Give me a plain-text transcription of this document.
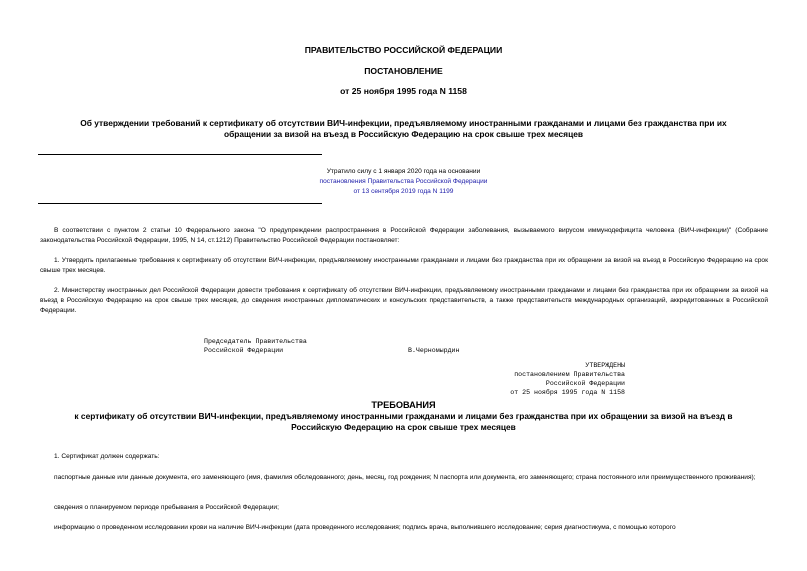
ПРАВИТЕЛЬСТВО РОССИЙСКОЙ ФЕДЕРАЦИИ
ПОСТАНОВЛЕНИЕ
от 25 ноября 1995 года N 1158
Об утверждении требований к сертификату об отсутствии ВИЧ-инфекции, предъявляемому иностранными гражданами и лицами без гражданства при их
обращении за визой на въезд в Российскую Федерацию на срок свыше трех месяцев
Утратило силу с 1 января 2020 года на основании
постановления Правительства Российской Федерации
от 13 сентября 2019 года N 1199
В соответствии с пунктом 2 статьи 10 Федерального закона "О предупреждении распространения в Российской Федерации заболевания, вызываемого вирусом иммунодефицита человека (ВИЧ-инфекции)" (Собрание законодательства Российской Федерации, 1995, N 14, ст.1212) Правительство Российской Федерации постановляет:
1. Утвердить прилагаемые требования к сертификату об отсутствии ВИЧ-инфекции, предъявляемому иностранными гражданами и лицами без гражданства при их обращении за визой на въезд в Российскую Федерацию на срок свыше трех месяцев.
2. Министерству иностранных дел Российской Федерации довести требования к сертификату об отсутствии ВИЧ-инфекции, предъявляемому иностранными гражданами и лицами без гражданства при их обращении за визой на въезд в Российскую Федерацию на срок свыше трех месяцев, до сведения иностранных дипломатических и консульских представительств, а также представительств международных организаций, аккредитованных в Российской Федерации.
Председатель Правительства
Российской Федерации	В.Черномырдин
УТВЕРЖДЕНЫ
постановлением Правительства
Российской Федерации
от 25 ноября 1995 года N 1158
ТРЕБОВАНИЯ
к сертификату об отсутствии ВИЧ-инфекции, предъявляемому иностранными гражданами и лицами без гражданства при их обращении за визой на въезд в
Российскую Федерацию на срок свыше трех месяцев
1. Сертификат должен содержать:
паспортные данные или данные документа, его заменяющего (имя, фамилия обследованного; день, месяц, год рождения; N паспорта или документа, его заменяющего; страна постоянного или преимущественного проживания);
сведения о планируемом периоде пребывания в Российской Федерации;
информацию о проведенном исследовании крови на наличие ВИЧ-инфекции (дата проведенного исследования; подпись врача, выполнившего исследование; серия диагностикума, с помощью которого
